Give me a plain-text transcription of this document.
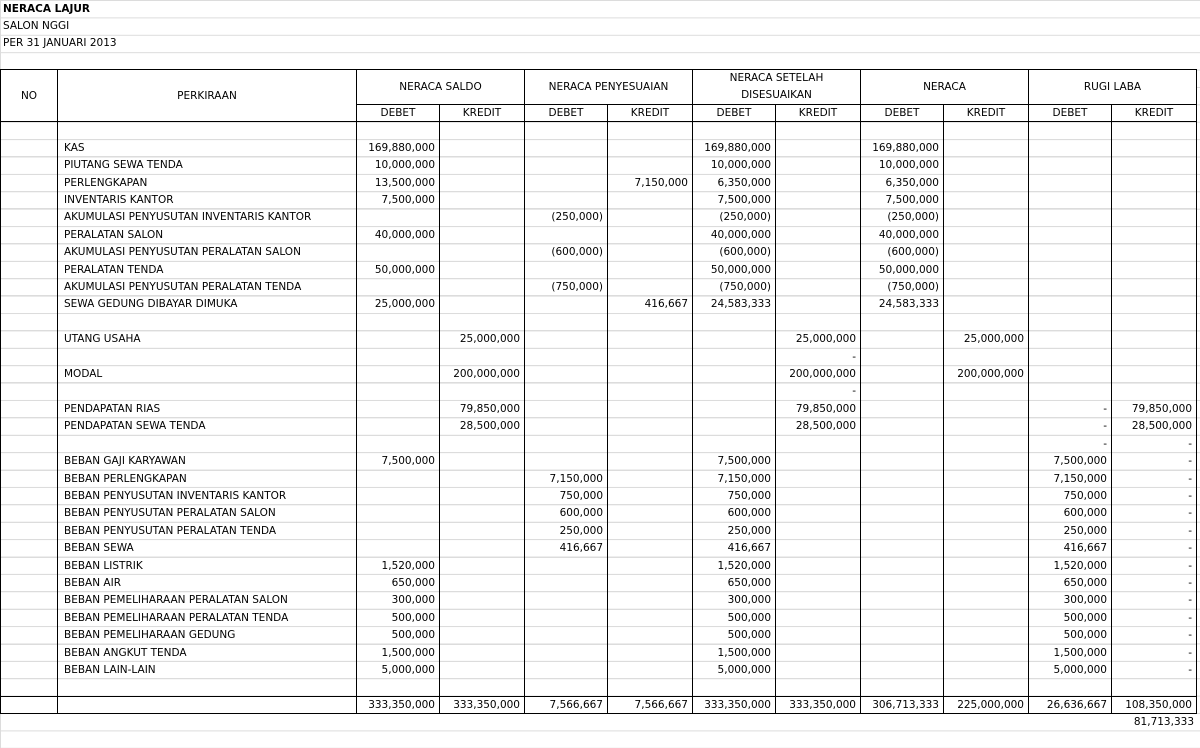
NERACA LAJUR
SALON NGGI
PER 31 JANUARI 2013
NO	PERKIRAAN	NERACA SALDO		NERACA PENYESUAIAN		NERACA SETELAH DISESUAIKAN		NERACA		RUGI LABA	
		DEBET	KREDIT	DEBET	KREDIT	DEBET	KREDIT	DEBET	KREDIT	DEBET	KREDIT

	KAS	169,880,000				169,880,000		169,880,000			
	PIUTANG SEWA TENDA	10,000,000				10,000,000		10,000,000			
	PERLENGKAPAN	13,500,000			7,150,000	6,350,000		6,350,000			
	INVENTARIS KANTOR	7,500,000				7,500,000		7,500,000			
	AKUMULASI PENYUSUTAN INVENTARIS KANTOR			(250,000)		(250,000)		(250,000)			
	PERALATAN SALON	40,000,000				40,000,000		40,000,000			
	AKUMULASI PENYUSUTAN PERALATAN SALON			(600,000)		(600,000)		(600,000)			
	PERALATAN TENDA	50,000,000				50,000,000		50,000,000			
	AKUMULASI PENYUSUTAN PERALATAN TENDA			(750,000)		(750,000)		(750,000)			
	SEWA GEDUNG DIBAYAR DIMUKA	25,000,000			416,667	24,583,333		24,583,333			

	UTANG USAHA		25,000,000				25,000,000		25,000,000		
							-				
	MODAL		200,000,000				200,000,000		200,000,000		
							-				
	PENDAPATAN RIAS		79,850,000				79,850,000			-	79,850,000
	PENDAPATAN SEWA TENDA		28,500,000				28,500,000			-	28,500,000
										-	-
	BEBAN GAJI KARYAWAN	7,500,000				7,500,000				7,500,000	-
	BEBAN PERLENGKAPAN			7,150,000		7,150,000				7,150,000	-
	BEBAN PENYUSUTAN INVENTARIS KANTOR			750,000		750,000				750,000	-
	BEBAN PENYUSUTAN PERALATAN SALON			600,000		600,000				600,000	-
	BEBAN PENYUSUTAN PERALATAN TENDA			250,000		250,000				250,000	-
	BEBAN SEWA			416,667		416,667				416,667	-
	BEBAN LISTRIK	1,520,000				1,520,000				1,520,000	-
	BEBAN AIR	650,000				650,000				650,000	-
	BEBAN PEMELIHARAAN PERALATAN SALON	300,000				300,000				300,000	-
	BEBAN PEMELIHARAAN PERALATAN TENDA	500,000				500,000				500,000	-
	BEBAN PEMELIHARAAN GEDUNG	500,000				500,000				500,000	-
	BEBAN ANGKUT TENDA	1,500,000				1,500,000				1,500,000	-
	BEBAN LAIN-LAIN	5,000,000				5,000,000				5,000,000	-

		333,350,000	333,350,000	7,566,667	7,566,667	333,350,000	333,350,000	306,713,333	225,000,000	26,636,667	108,350,000
81,713,333
